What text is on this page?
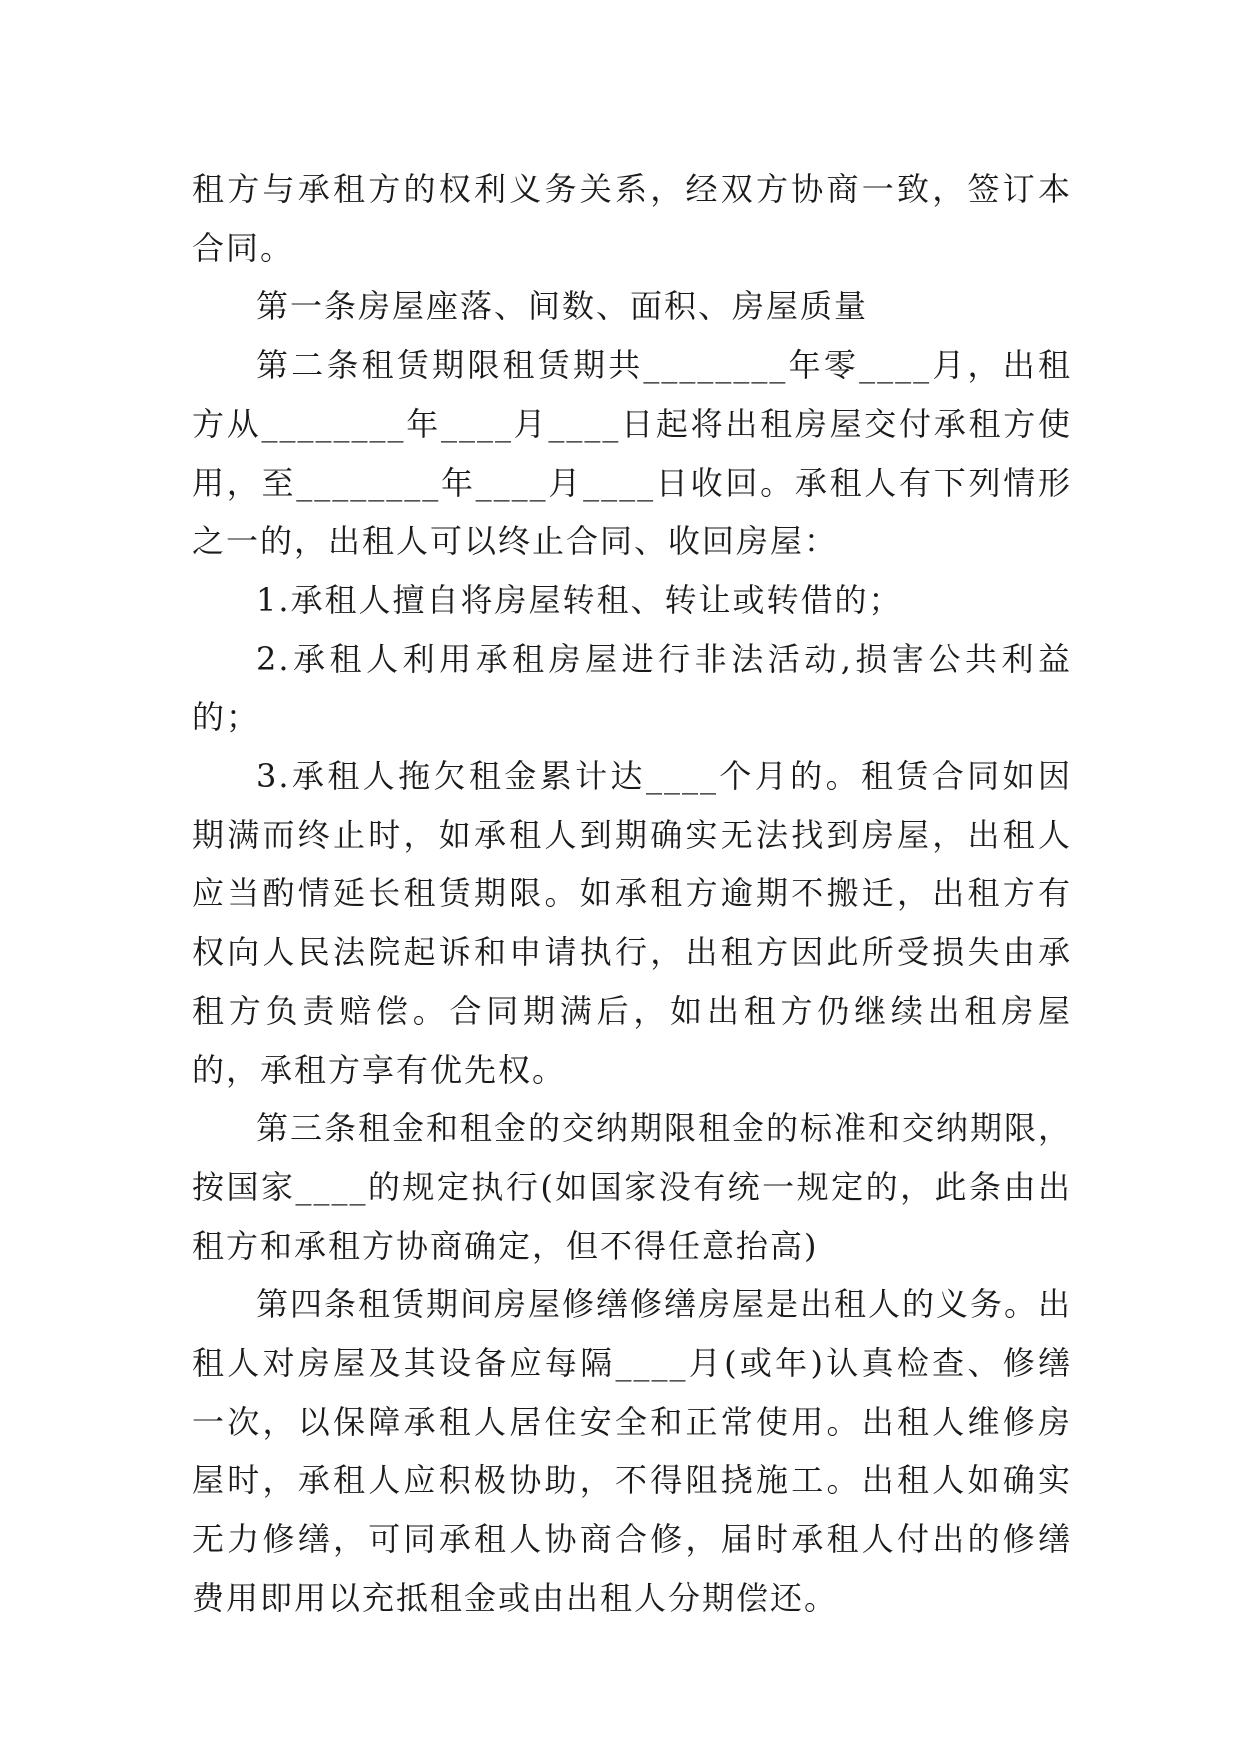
租方与承租方的权利义务关系，经双方协商一致，签订本合同。

第一条房屋座落、间数、面积、房屋质量

第二条租赁期限租赁期共________年零____月，出租方从________年____月____日起将出租房屋交付承租方使用，至________年____月____日收回。承租人有下列情形之一的，出租人可以终止合同、收回房屋：

1.承租人擅自将房屋转租、转让或转借的；

2.承租人利用承租房屋进行非法活动,损害公共利益的；

3.承租人拖欠租金累计达____个月的。租赁合同如因期满而终止时，如承租人到期确实无法找到房屋，出租人应当酌情延长租赁期限。如承租方逾期不搬迁，出租方有权向人民法院起诉和申请执行，出租方因此所受损失由承租方负责赔偿。合同期满后，如出租方仍继续出租房屋的，承租方享有优先权。

第三条租金和租金的交纳期限租金的标准和交纳期限，按国家____的规定执行(如国家没有统一规定的，此条由出租方和承租方协商确定，但不得任意抬高)

第四条租赁期间房屋修缮修缮房屋是出租人的义务。出租人对房屋及其设备应每隔____月(或年)认真检查、修缮一次，以保障承租人居住安全和正常使用。出租人维修房屋时，承租人应积极协助，不得阻挠施工。出租人如确实无力修缮，可同承租人协商合修，届时承租人付出的修缮费用即用以充抵租金或由出租人分期偿还。
